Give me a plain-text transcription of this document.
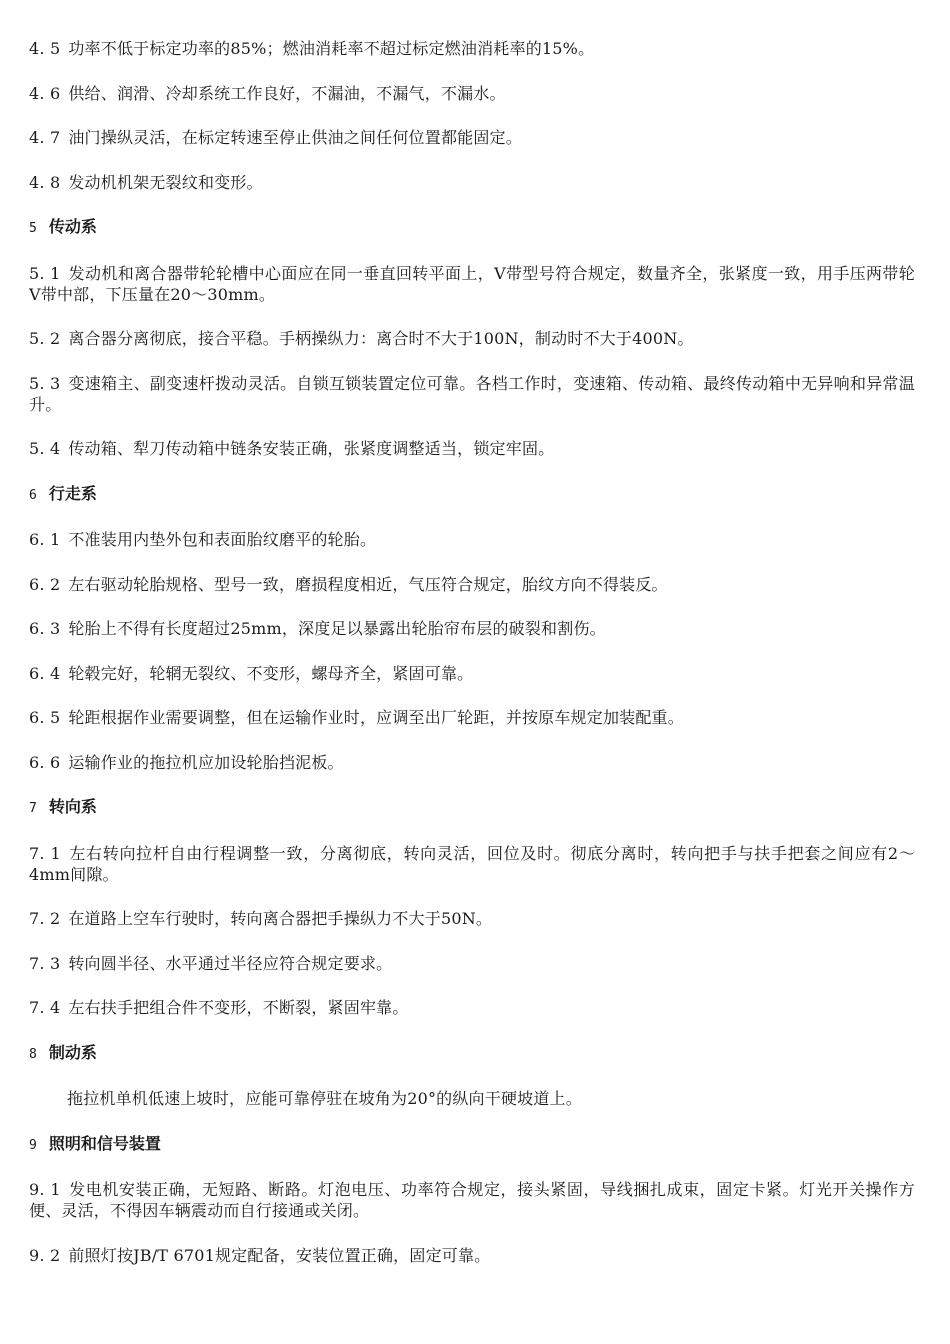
4. 5 功率不低于标定功率的85%；燃油消耗率不超过标定燃油消耗率的15%。

4. 6 供给、润滑、冷却系统工作良好，不漏油，不漏气，不漏水。

4. 7 油门操纵灵活，在标定转速至停止供油之间任何位置都能固定。

4. 8 发动机机架无裂纹和变形。

5 传动系

5. 1 发动机和离合器带轮轮槽中心面应在同一垂直回转平面上，V带型号符合规定，数量齐全，张紧度一致，用手压两带轮V带中部，下压量在20～30mm。

5. 2 离合器分离彻底，接合平稳。手柄操纵力：离合时不大于100N，制动时不大于400N。

5. 3 变速箱主、副变速杆拨动灵活。自锁互锁装置定位可靠。各档工作时，变速箱、传动箱、最终传动箱中无异响和异常温升。

5. 4 传动箱、犁刀传动箱中链条安装正确，张紧度调整适当，锁定牢固。

6 行走系

6. 1 不准装用内垫外包和表面胎纹磨平的轮胎。

6. 2 左右驱动轮胎规格、型号一致，磨损程度相近，气压符合规定，胎纹方向不得装反。

6. 3 轮胎上不得有长度超过25mm，深度足以暴露出轮胎帘布层的破裂和割伤。

6. 4 轮毂完好，轮辋无裂纹、不变形，螺母齐全，紧固可靠。

6. 5 轮距根据作业需要调整，但在运输作业时，应调至出厂轮距，并按原车规定加装配重。

6. 6 运输作业的拖拉机应加设轮胎挡泥板。

7 转向系

7. 1 左右转向拉杆自由行程调整一致，分离彻底，转向灵活，回位及时。彻底分离时，转向把手与扶手把套之间应有2～4mm间隙。

7. 2 在道路上空车行驶时，转向离合器把手操纵力不大于50N。

7. 3 转向圆半径、水平通过半径应符合规定要求。

7. 4 左右扶手把组合件不变形，不断裂，紧固牢靠。

8 制动系

拖拉机单机低速上坡时，应能可靠停驻在坡角为20°的纵向干硬坡道上。

9 照明和信号装置

9. 1 发电机安装正确，无短路、断路。灯泡电压、功率符合规定，接头紧固，导线捆扎成束，固定卡紧。灯光开关操作方便、灵活，不得因车辆震动而自行接通或关闭。

9. 2 前照灯按JB/T 6701规定配备，安装位置正确，固定可靠。
